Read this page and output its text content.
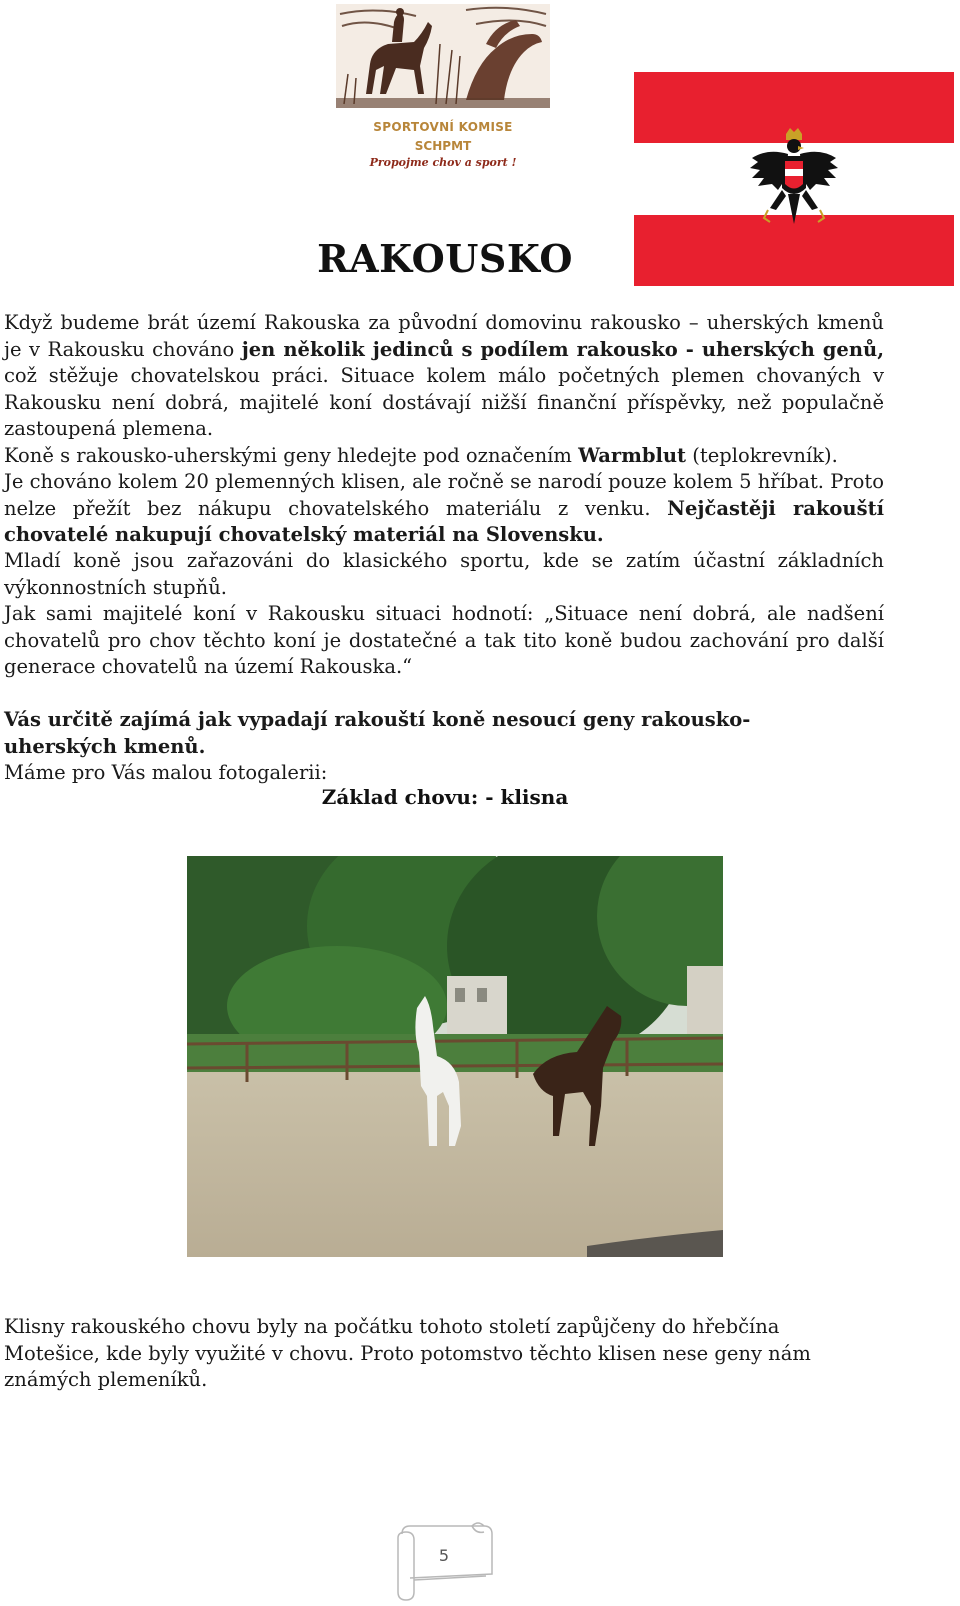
SPORTOVNÍ KOMISE
SCHPMT
Propojme chov a sport !
RAKOUSKO
Když budeme brát území Rakouska za původní domovinu rakousko – uherských kmenů je v Rakousku chováno jen několik jedinců s podílem rakousko - uherských genů, což stěžuje chovatelskou práci. Situace kolem málo početných plemen chovaných v Rakousku není dobrá, majitelé koní dostávají nižší finanční příspěvky, než populačně zastoupená plemena.
Koně s rakousko-uherskými geny hledejte pod označením Warmblut (teplokrevník).
Je chováno kolem 20 plemenných klisen, ale ročně se narodí pouze kolem 5 hříbat. Proto nelze přežít bez nákupu chovatelského materiálu z venku. Nejčastěji rakouští chovatelé nakupují chovatelský materiál na Slovensku.
Mladí koně jsou zařazováni do klasického sportu, kde se zatím účastní základních výkonnostních stupňů.
Jak sami majitelé koní v Rakousku situaci hodnotí: „Situace není dobrá, ale nadšení chovatelů pro chov těchto koní je dostatečné a tak tito koně budou zachování pro další generace chovatelů na území Rakouska.“
Vás určitě zajímá jak vypadají rakouští koně nesoucí geny rakousko-uherských kmenů.
Máme pro Vás malou fotogalerii:
Základ chovu: - klisna
Klisny rakouského chovu byly na počátku tohoto století zapůjčeny do hřebčína Motešice, kde byly využité v chovu. Proto potomstvo těchto klisen nese geny nám známých plemeníků.
5
